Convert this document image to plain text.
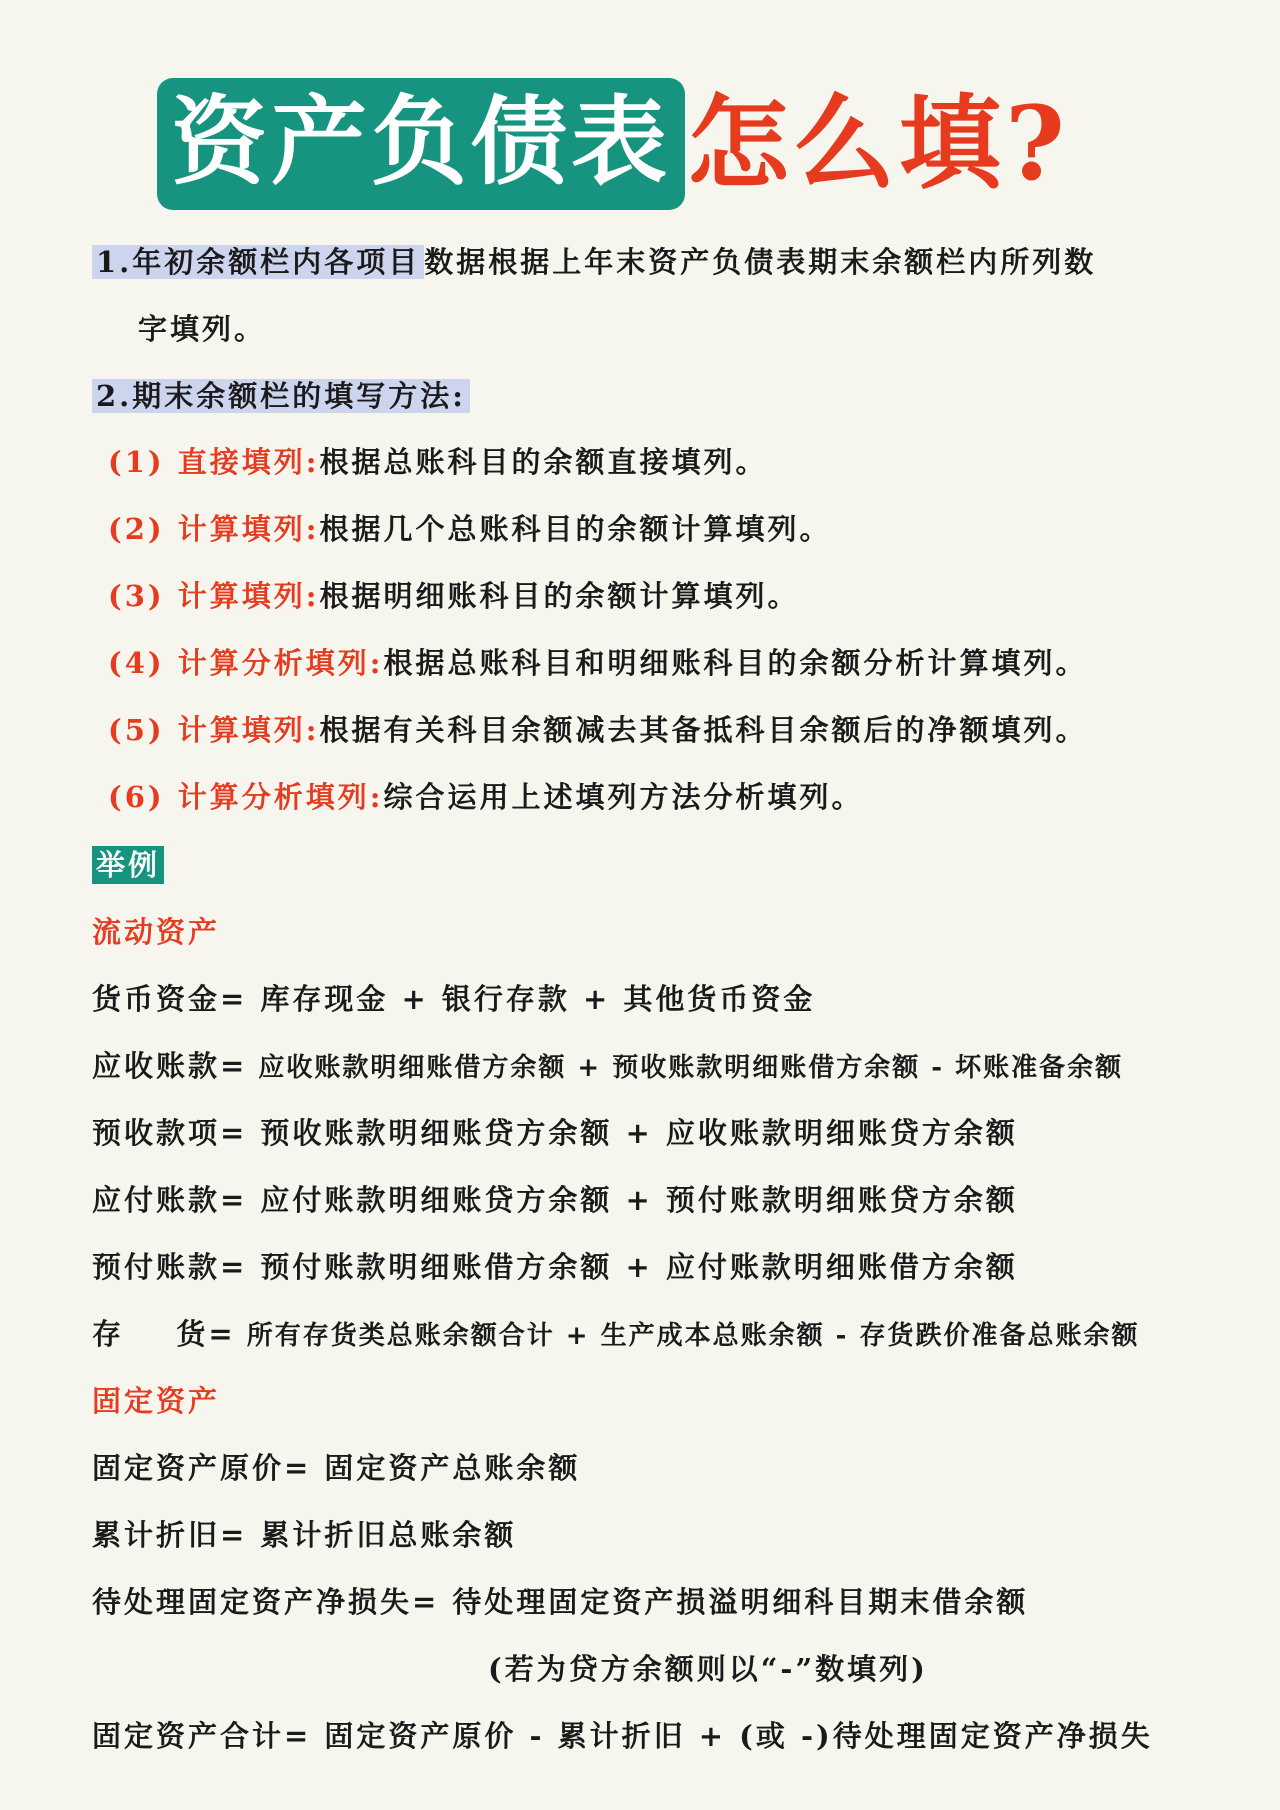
资产负债表 怎么填?
1.年初余额栏内各项目 数据根据上年末资产负债表期末余额栏内所列数
字填列。
2.期末余额栏的填写方法:
(1) 直接填列:根据总账科目的余额直接填列。
(2) 计算填列:根据几个总账科目的余额计算填列。
(3) 计算填列:根据明细账科目的余额计算填列。
(4) 计算分析填列:根据总账科目和明细账科目的余额分析计算填列。
(5) 计算填列:根据有关科目余额减去其备抵科目余额后的净额填列。
(6) 计算分析填列:综合运用上述填列方法分析填列。
举例
流动资产
货币资金= 库存现金 + 银行存款 + 其他货币资金
应收账款= 应收账款明细账借方余额 + 预收账款明细账借方余额 - 坏账准备余额
预收款项= 预收账款明细账贷方余额 + 应收账款明细账贷方余额
应付账款= 应付账款明细账贷方余额 + 预付账款明细账贷方余额
预付账款= 预付账款明细账借方余额 + 应付账款明细账借方余额
存    货= 所有存货类总账余额合计 + 生产成本总账余额 - 存货跌价准备总账余额
固定资产
固定资产原价= 固定资产总账余额
累计折旧= 累计折旧总账余额
待处理固定资产净损失= 待处理固定资产损溢明细科目期末借余额
(若为贷方余额则以“-”数填列)
固定资产合计= 固定资产原价 - 累计折旧 + (或 -)待处理固定资产净损失
